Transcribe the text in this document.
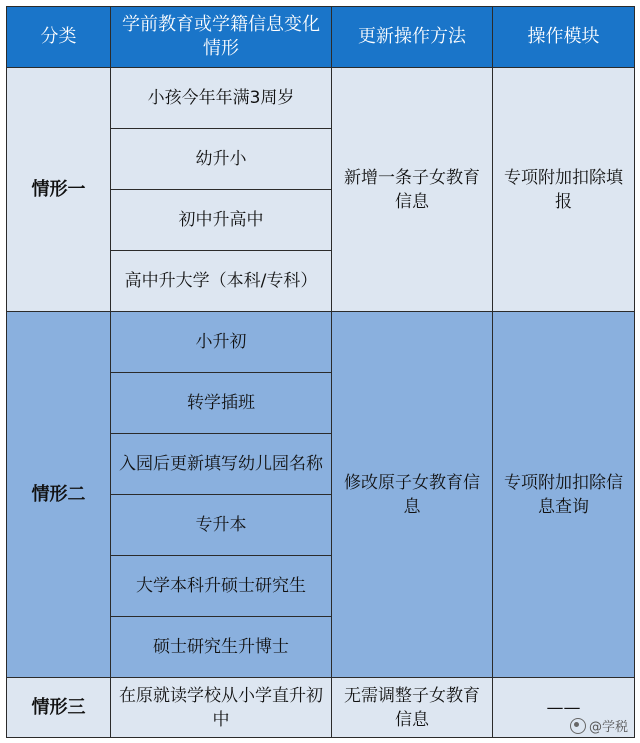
分类	学前教育或学籍信息变化情形	更新操作方法	操作模块
情形一	小孩今年年满3周岁	新增一条子女教育信息	专项附加扣除填报
	幼升小		
	初中升高中		
	高中升大学（本科/专科）		
情形二	小升初	修改原子女教育信息	专项附加扣除信息查询
	转学插班		
	入园后更新填写幼儿园名称		
	专升本		
	大学本科升硕士研究生		
	硕士研究生升博士		
情形三	在原就读学校从小学直升初中	无需调整子女教育信息	——
@学税
